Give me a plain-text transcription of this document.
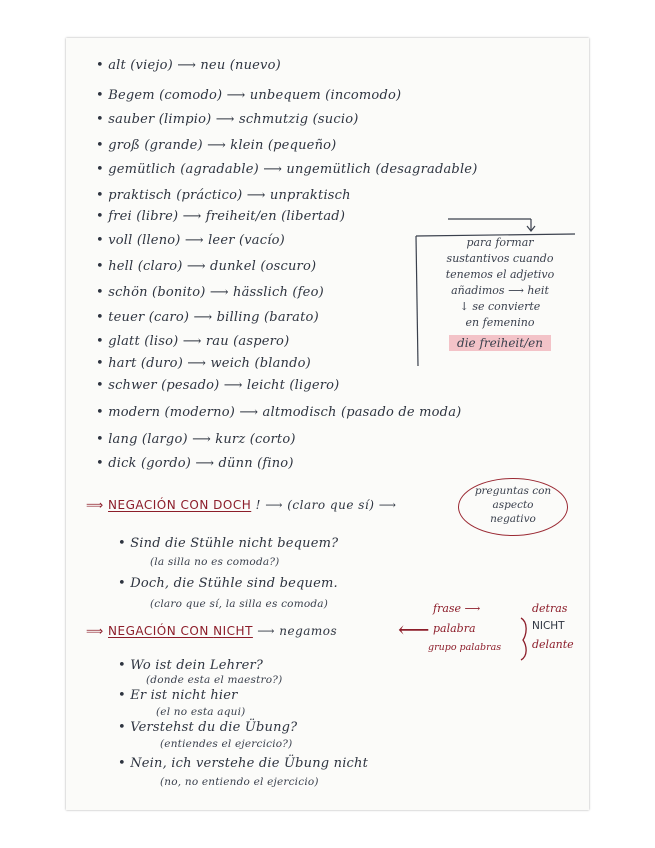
• alt (viejo) ⟶ neu (nuevo)
• Begem (comodo) ⟶ unbequem (incomodo)
• sauber (limpio) ⟶ schmutzig (sucio)
• groß (grande) ⟶ klein (pequeño)
• gemütlich (agradable) ⟶ ungemütlich (desagradable)
• praktisch (práctico) ⟶ unpraktisch
• frei (libre) ⟶ freiheit/en (libertad)
• voll (lleno) ⟶ leer (vacío)
• hell (claro) ⟶ dunkel (oscuro)
• schön (bonito) ⟶ hässlich (feo)
• teuer (caro) ⟶ billing (barato)
• glatt (liso) ⟶ rau (aspero)
• hart (duro) ⟶ weich (blando)
• schwer (pesado) ⟶ leicht (ligero)
• modern (moderno) ⟶ altmodisch (pasado de moda)
• lang (largo) ⟶ kurz (corto)
• dick (gordo) ⟶ dünn (fino)
para formar
sustantivos cuando
tenemos el adjetivo
añadimos ⟶ heit
↓ se convierte
en femenino
die freiheit/en
⟹ NEGACIÓN CON DOCH ! ⟶ (claro que sí) ⟶
preguntas con
aspecto
negativo
• Sind die Stühle nicht bequem?
(la silla no es comoda?)
• Doch, die Stühle sind bequem.
(claro que sí, la silla es comoda)
⟹ NEGACIÓN CON NICHT ⟶ negamos	⟵
frase ⟶
palabra
grupo palabras
detras
NICHT
delante
• Wo ist dein Lehrer?
(donde esta el maestro?)
• Er ist nicht hier
(el no esta aqui)
• Verstehst du die Übung?
(entiendes el ejercicio?)
• Nein, ich verstehe die Übung nicht
(no, no entiendo el ejercicio)
